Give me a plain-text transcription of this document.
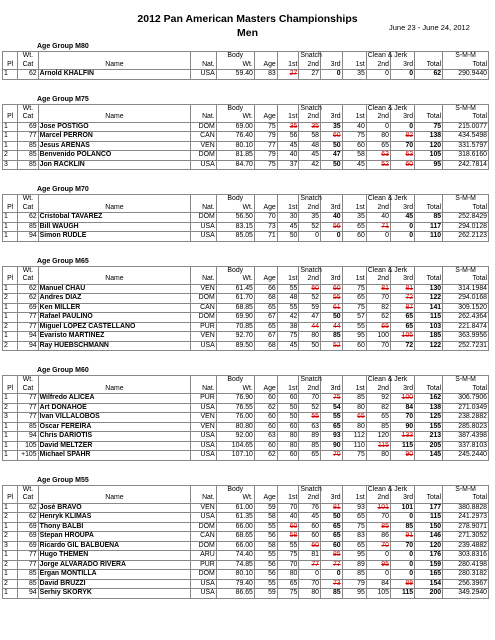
2012 Pan American Masters Championships
Men	June 23 - June 24, 2012
Age Group M80
	Wt.			Body			Snatch			Clean & Jerk			S-M-M
Pl	Cat	Name	Nat.	Wt.	Age	1st	2nd	3rd	1st	2nd	3rd	Total	Total
1	62	Arnold KHALFIN	USA	59.40	83	27	27	0	35	0	0	62	290.9440
Age Group M75
	Wt.			Body			Snatch			Clean & Jerk			S-M-M
Pl	Cat	Name	Nat.	Wt.	Age	1st	2nd	3rd	1st	2nd	3rd	Total	Total
1	69	Jose POSTIGO	DOM	69.00	75	35	35	35	40	0	0	75	215.0077
1	77	Marcel PERRON	CAN	76.40	79	56	58	60	75	80	82	138	434.5498
1	85	Jesus ARENAS	VEN	80.10	77	45	48	50	60	65	70	120	331.5797
2	85	Benvenido POLANCO	DOM	81.85	79	40	45	47	58	63	63	105	318.6160
3	85	Jon RACKLIN	USA	84.70	75	37	42	50	45	52	60	95	242.7814
Age Group M70
	Wt.			Body			Snatch			Clean & Jerk			S-M-M
Pl	Cat	Name	Nat.	Wt.	Age	1st	2nd	3rd	1st	2nd	3rd	Total	Total
1	62	Cristobal TAVAREZ	DOM	56.50	70	30	35	40	35	40	45	85	252.8429
1	85	Bill WAUGH	USA	83.15	73	45	52	56	65	71	0	117	294.0128
1	94	Simon RUDLE	USA	85.05	71	50	0	0	60	0	0	110	262.2123
Age Group M65
	Wt.			Body			Snatch			Clean & Jerk			S-M-M
Pl	Cat	Name	Nat.	Wt.	Age	1st	2nd	3rd	1st	2nd	3rd	Total	Total
1	62	Manuel CHAU	VEN	61.45	66	55	60	60	75	81	81	130	314.1984
2	62	Andres DIAZ	DOM	61.70	68	48	52	55	65	70	72	122	294.0168
1	69	Ken MILLER	CAN	68.85	65	55	59	61	75	82	87	141	309.1520
1	77	Rafael PAULINO	DOM	69.90	67	42	47	50	57	62	65	115	262.4364
2	77	Miguel LOPEZ CASTELLANO	PUR	70.85	65	38	44	44	55	65	65	103	221.8474
1	94	Evaristo MARTINEZ	VEN	92.70	67	75	80	85	95	100	105	185	363.9956
2	94	Ray HUEBSCHMANN	USA	89.50	68	45	50	52	60	70	72	122	252.7231
Age Group M60
	Wt.			Body			Snatch			Clean & Jerk			S-M-M
Pl	Cat	Name	Nat.	Wt.	Age	1st	2nd	3rd	1st	2nd	3rd	Total	Total
1	77	Wilfredo ALICEA	PUR	76.90	60	60	70	75	85	92	100	162	306.7906
2	77	Art DONAHOE	USA	76.55	62	50	52	54	80	82	84	138	271.0349
3	77	Ivan VILLALOBOS	VEN	76.00	60	50	55	55	65	65	70	125	238.2882
1	85	Oscar FEREIRA	VEN	80.80	60	60	63	65	80	85	90	155	285.8023
1	94	Chris DARIOTIS	USA	92.00	63	80	89	93	112	120	133	213	387.4398
1	105	David MELTZER	USA	104.65	60	80	85	90	110	115	115	205	337.8103
1	+105	Michael SPAHR	USA	107.10	62	60	65	70	75	80	90	145	245.2440
Age Group M55
	Wt.			Body			Snatch			Clean & Jerk			S-M-M
Pl	Cat	Name	Nat.	Wt.	Age	1st	2nd	3rd	1st	2nd	3rd	Total	Total
1	62	José BRAVO	VEN	61.00	59	70	76	81	93	101	101	177	380.8828
2	62	Henryk KLIMAS	USA	61.35	58	40	45	50	65	70	0	115	241.2973
1	69	Thony BALBI	DOM	66.00	55	60	60	65	75	85	85	150	278.9071
2	69	Stepan HROUPA	CAN	68.65	56	58	60	65	83	86	91	146	271.3052
3	69	Ricardo GIL BALBUENA	DOM	66.00	58	55	60	60	65	70	70	120	239.4882
1	77	Hugo THEMEN	ARU	74.40	55	75	81	85	95	0	0	176	303.8316
2	77	Jorge ALVARADO RIVERA	PUR	74.85	56	70	77	77	89	95	0	159	280.4198
1	85	Ergan MONTILLA	DOM	80.10	56	80	0	0	85	0	0	165	280.3182
2	85	David BRUZZI	USA	79.40	55	65	70	73	79	84	88	154	256.3967
1	94	Serhiy SKORYK	USA	86.65	59	75	80	85	95	105	115	200	349.2940
